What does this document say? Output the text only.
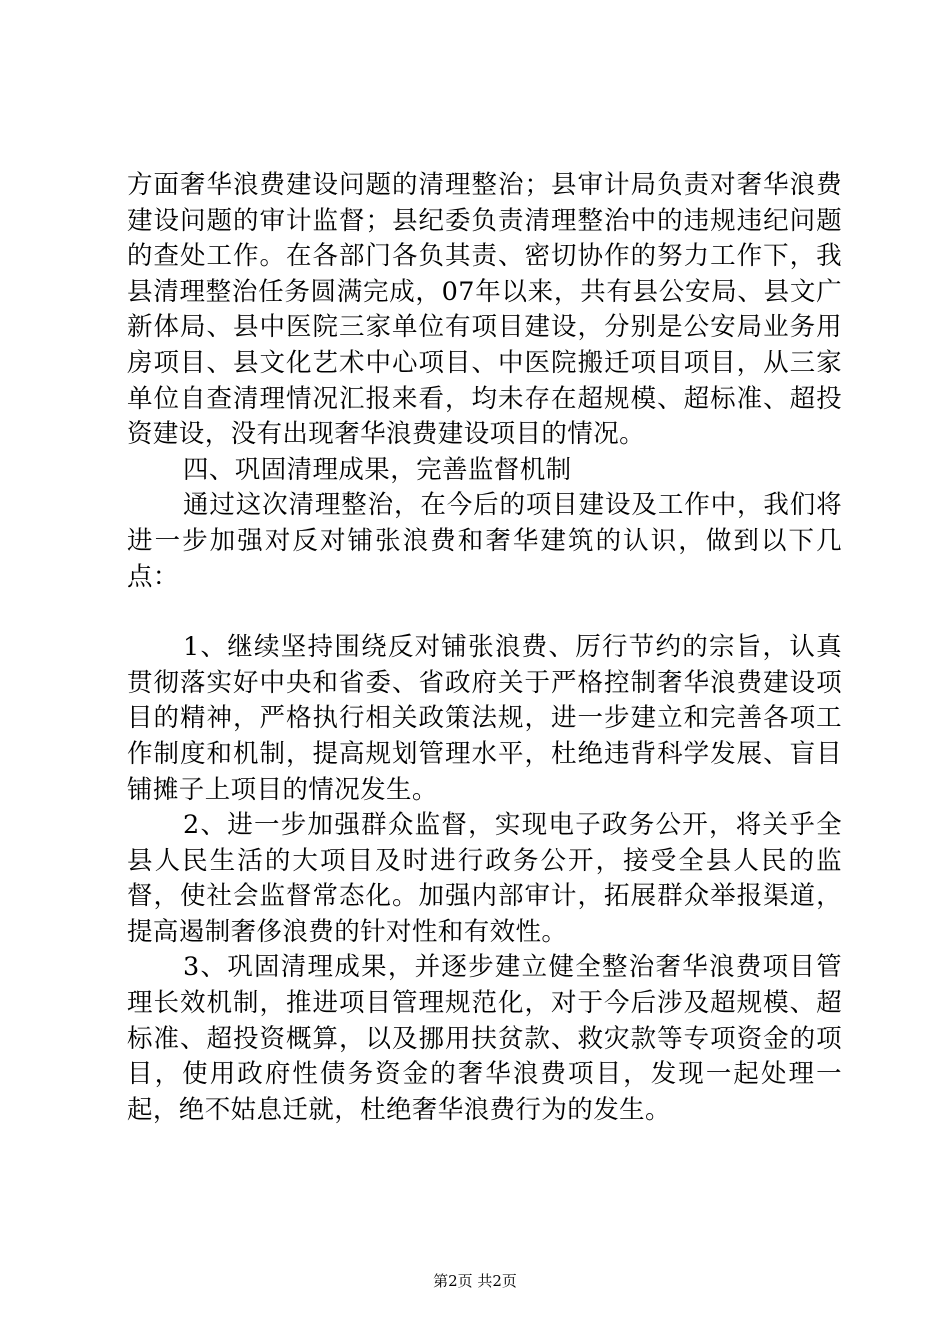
方面奢华浪费建设问题的清理整治；县审计局负责对奢华浪费建设问题的审计监督；县纪委负责清理整治中的违规违纪问题的查处工作。在各部门各负其责、密切协作的努力工作下，我县清理整治任务圆满完成，07年以来，共有县公安局、县文广新体局、县中医院三家单位有项目建设，分别是公安局业务用房项目、县文化艺术中心项目、中医院搬迁项目项目，从三家单位自查清理情况汇报来看，均未存在超规模、超标准、超投资建设，没有出现奢华浪费建设项目的情况。

四、巩固清理成果，完善监督机制

通过这次清理整治，在今后的项目建设及工作中，我们将进一步加强对反对铺张浪费和奢华建筑的认识，做到以下几点：

1、继续坚持围绕反对铺张浪费、厉行节约的宗旨，认真贯彻落实好中央和省委、省政府关于严格控制奢华浪费建设项目的精神，严格执行相关政策法规，进一步建立和完善各项工作制度和机制，提高规划管理水平，杜绝违背科学发展、盲目铺摊子上项目的情况发生。

2、进一步加强群众监督，实现电子政务公开，将关乎全县人民生活的大项目及时进行政务公开，接受全县人民的监督，使社会监督常态化。加强内部审计，拓展群众举报渠道，提高遏制奢侈浪费的针对性和有效性。

3、巩固清理成果，并逐步建立健全整治奢华浪费项目管理长效机制，推进项目管理规范化，对于今后涉及超规模、超标准、超投资概算，以及挪用扶贫款、救灾款等专项资金的项目，使用政府性债务资金的奢华浪费项目，发现一起处理一起，绝不姑息迁就，杜绝奢华浪费行为的发生。

第2页 共2页
